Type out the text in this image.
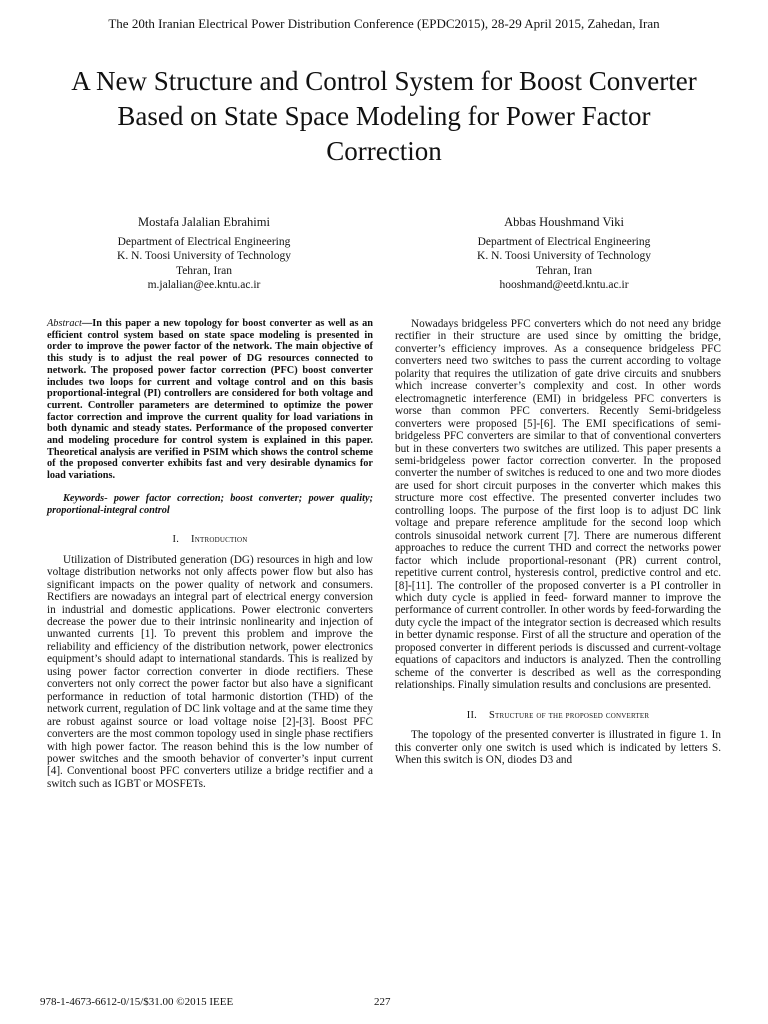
The 20th Iranian Electrical Power Distribution Conference (EPDC2015), 28-29 April 2015, Zahedan, Iran
A New Structure and Control System for Boost Converter Based on State Space Modeling for Power Factor Correction
Mostafa Jalalian Ebrahimi
Department of Electrical Engineering
K. N. Toosi University of Technology
Tehran, Iran
m.jalalian@ee.kntu.ac.ir
Abbas Houshmand Viki
Department of Electrical Engineering
K. N. Toosi University of Technology
Tehran, Iran
hooshmand@eetd.kntu.ac.ir

Abstract—In this paper a new topology for boost converter as well as an efficient control system based on state space modeling is presented in order to improve the power factor of the network. The main objective of this study is to adjust the real power of DG resources connected to network. The proposed power factor correction (PFC) boost converter includes two loops for current and voltage control and on this basis proportional-integral (PI) controllers are considered for both voltage and current. Controller parameters are determined to optimize the power factor correction and improve the current quality for load variations in both dynamic and steady states. Performance of the proposed converter and modeling procedure for control system is explained in this paper. Theoretical analysis are verified in PSIM which shows the control scheme of the proposed converter exhibits fast and very desirable dynamics for load variations.

Keywords- power factor correction; boost converter; power quality; proportional-integral control

I. Introduction

Utilization of Distributed generation (DG) resources in high and low voltage distribution networks not only affects power flow but also has significant impacts on the power quality of network and consumers. Rectifiers are nowadays an integral part of electrical energy conversion in industrial and domestic applications. Power electronic converters decrease the power due to their intrinsic nonlinearity and injection of unwanted currents [1]. To prevent this problem and improve the reliability and efficiency of the distribution network, power electronics equipment’s should adapt to international standards. This is realized by using power factor correction converter in diode rectifiers. These converters not only correct the power factor but also have a significant performance in reduction of total harmonic distortion (THD) of the network current, regulation of DC link voltage and at the same time they are robust against source or load voltage noise [2]-[3]. Boost PFC converters are the most common topology used in single phase rectifiers with high power factor. The reason behind this is the low number of power switches and the smooth behavior of converter’s input current [4]. Conventional boost PFC converters utilize a bridge rectifier and a switch such as IGBT or MOSFETs.

Nowadays bridgeless PFC converters which do not need any bridge rectifier in their structure are used since by omitting the bridge, converter’s efficiency improves. As a consequence bridgeless PFC converters need two switches to pass the current according to voltage polarity that requires the utilization of gate drive circuits and snubbers which increase converter’s complexity and cost. In other words electromagnetic interference (EMI) in bridgeless PFC converters is worse than common PFC converters. Recently Semi-bridgeless converters were proposed [5]-[6]. The EMI specifications of semi-bridgeless PFC converters are similar to that of conventional converters but in these converters two switches are utilized. This paper presents a semi-bridgeless power factor correction converter. In the proposed converter the number of switches is reduced to one and two more diodes are used for short circuit purposes in the converter which makes this structure more cost effective. The presented converter includes two controlling loops. The purpose of the first loop is to adjust DC link voltage and prepare reference amplitude for the second loop which controls sinusoidal network current [7]. There are numerous different approaches to reduce the current THD and correct the networks power factor which include proportional-resonant (PR) current control, repetitive current control, hysteresis control, predictive control and etc. [8]-[11]. The controller of the proposed converter is a PI controller in which duty cycle is applied in feed- forward manner to improve the performance of current controller. In other words by feed-forwarding the duty cycle the impact of the integrator section is decreased which results in better dynamic response. First of all the structure and operation of the proposed converter in different periods is discussed and current-voltage equations of capacitors and inductors is analyzed. Then the controlling scheme of the converter is described as well as the corresponding relationships. Finally simulation results and conclusions are presented.

II. Structure of the proposed converter

The topology of the presented converter is illustrated in figure 1. In this converter only one switch is used which is indicated by letters S. When this switch is ON, diodes D3 and

978-1-4673-6612-0/15/$31.00 ©2015 IEEE	227
